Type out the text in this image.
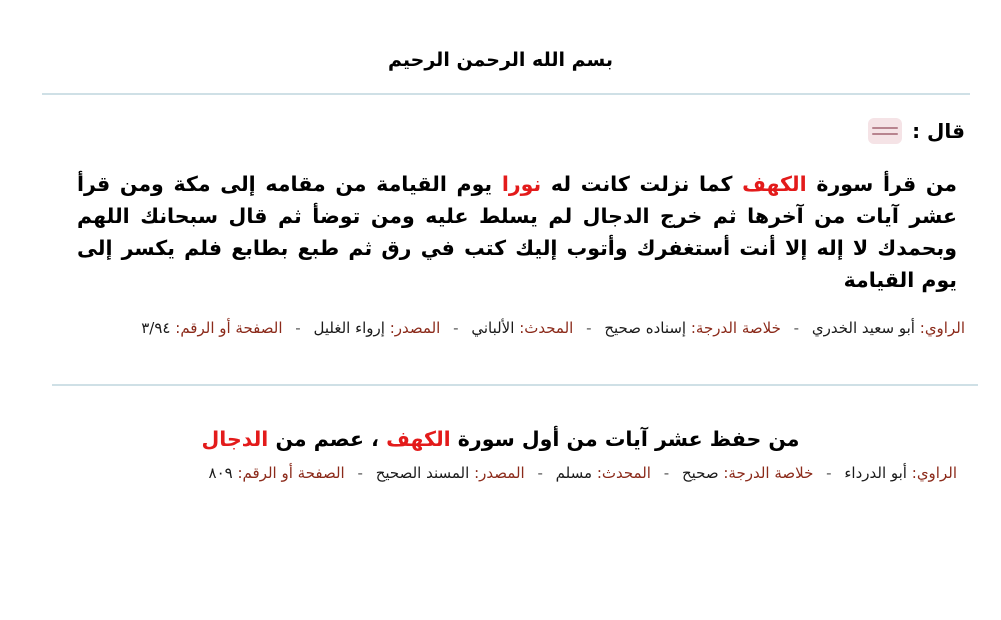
بسم الله الرحمن الرحيم
قال :
من قرأ سورة الكهف كما نزلت كانت له نورا يوم القيامة من مقامه إلى مكة ومن قرأ عشر آيات من آخرها ثم خرج الدجال لم يسلط عليه ومن توضأ ثم قال سبحانك اللهم وبحمدك لا إله إلا أنت أستغفرك وأتوب إليك كتب في رق ثم طبع بطابع فلم يكسر إلى يوم القيامة
الراوي: أبو سعيد الخدري - خلاصة الدرجة: إسناده صحيح - المحدث: الألباني - المصدر: إرواء الغليل - الصفحة أو الرقم: ٣/٩٤
من حفظ عشر آيات من أول سورة الكهف ، عصم من الدجال
الراوي: أبو الدرداء - خلاصة الدرجة: صحيح - المحدث: مسلم - المصدر: المسند الصحيح - الصفحة أو الرقم: ٨٠٩
